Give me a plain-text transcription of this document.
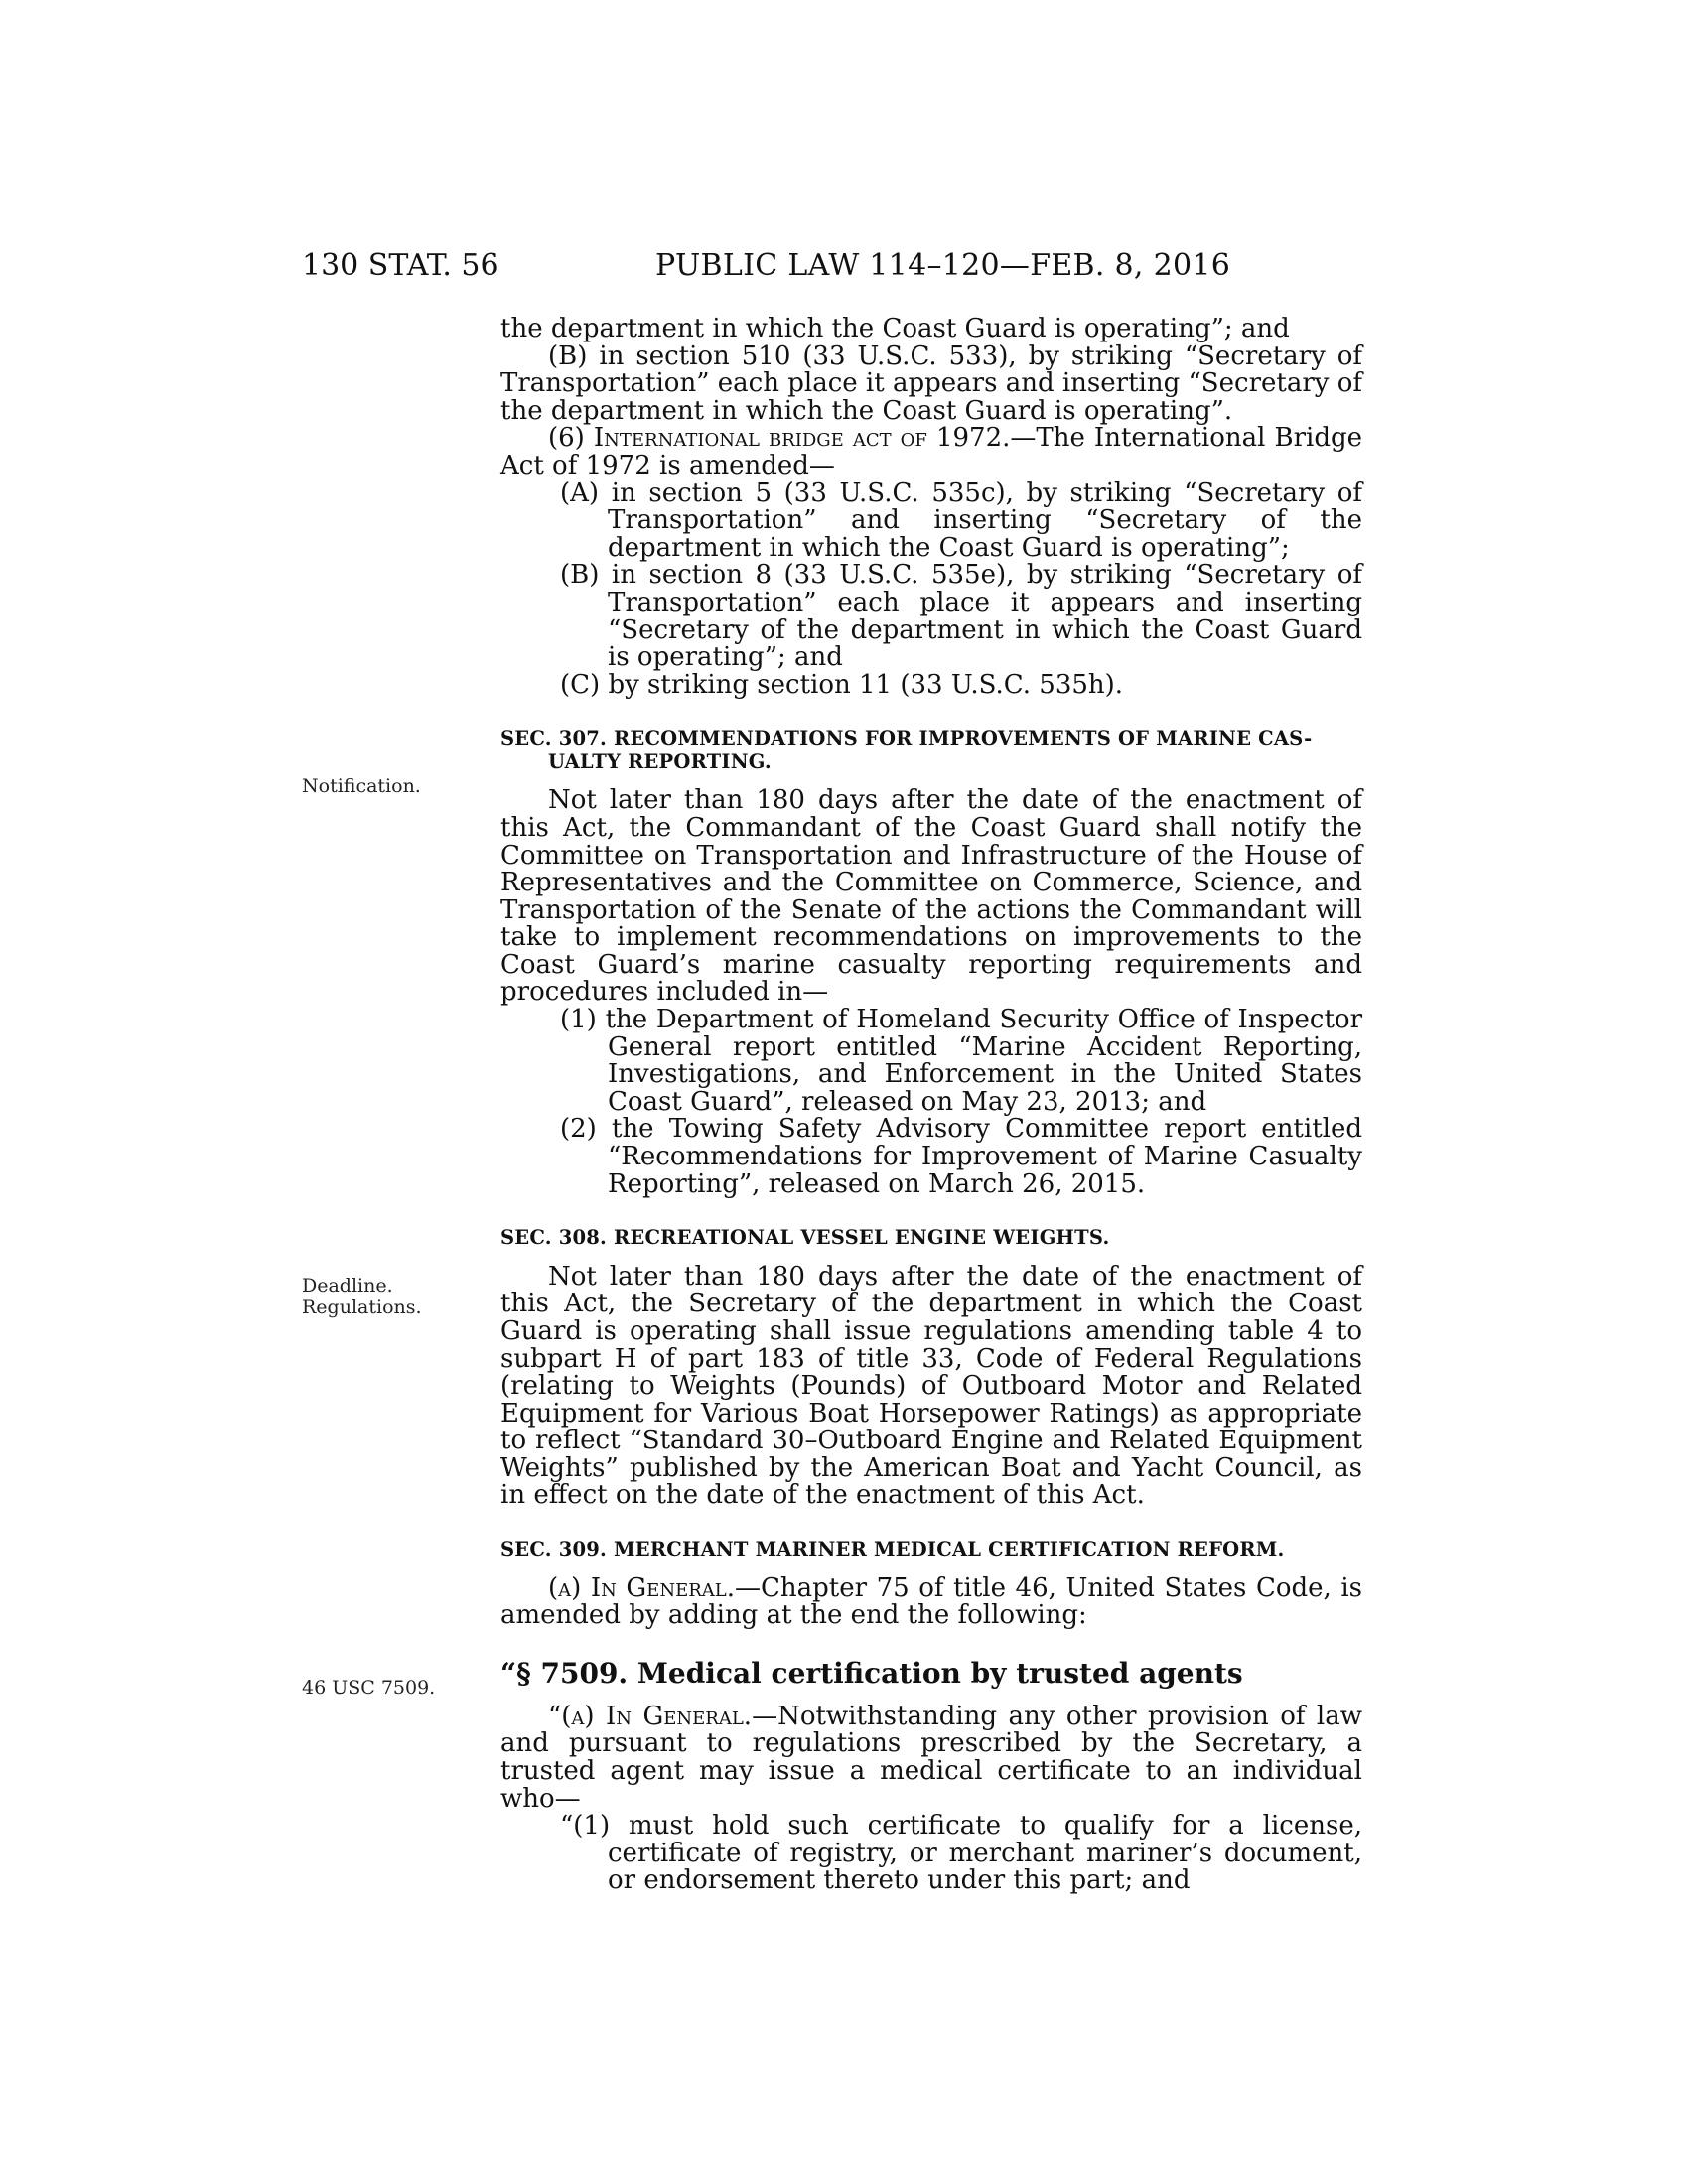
130 STAT. 56	PUBLIC LAW 114–120—FEB. 8, 2016
Notification.
Deadline.
Regulations.
46 USC 7509.

the department in which the Coast Guard is operating”; and

(B) in section 510 (33 U.S.C. 533), by striking “Secretary of Transportation” each place it appears and inserting “Secretary of the department in which the Coast Guard is operating”.

(6) International bridge act of 1972.—The International Bridge Act of 1972 is amended—

(A) in section 5 (33 U.S.C. 535c), by striking “Secretary of Transportation” and inserting “Secretary of the department in which the Coast Guard is operating”;

(B) in section 8 (33 U.S.C. 535e), by striking “Secretary of Transportation” each place it appears and inserting “Secretary of the department in which the Coast Guard is operating”; and

(C) by striking section 11 (33 U.S.C. 535h).

SEC. 307. RECOMMENDATIONS FOR IMPROVEMENTS OF MARINE CAS-
UALTY REPORTING.

Not later than 180 days after the date of the enactment of this Act, the Commandant of the Coast Guard shall notify the Committee on Transportation and Infrastructure of the House of Representatives and the Committee on Commerce, Science, and Transportation of the Senate of the actions the Commandant will take to implement recommendations on improvements to the Coast Guard’s marine casualty reporting requirements and procedures included in—

(1) the Department of Homeland Security Office of Inspector General report entitled “Marine Accident Reporting, Investigations, and Enforcement in the United States Coast Guard”, released on May 23, 2013; and

(2) the Towing Safety Advisory Committee report entitled “Recommendations for Improvement of Marine Casualty Reporting”, released on March 26, 2015.

SEC. 308. RECREATIONAL VESSEL ENGINE WEIGHTS.

Not later than 180 days after the date of the enactment of this Act, the Secretary of the department in which the Coast Guard is operating shall issue regulations amending table 4 to subpart H of part 183 of title 33, Code of Federal Regulations (relating to Weights (Pounds) of Outboard Motor and Related Equipment for Various Boat Horsepower Ratings) as appropriate to reflect “Standard 30–Outboard Engine and Related Equipment Weights” published by the American Boat and Yacht Council, as in effect on the date of the enactment of this Act.

SEC. 309. MERCHANT MARINER MEDICAL CERTIFICATION REFORM.

(a) In General.—Chapter 75 of title 46, United States Code, is amended by adding at the end the following:

“§ 7509. Medical certification by trusted agents

“(a) In General.—Notwithstanding any other provision of law and pursuant to regulations prescribed by the Secretary, a trusted agent may issue a medical certificate to an individual who—

“(1) must hold such certificate to qualify for a license, certificate of registry, or merchant mariner’s document, or endorsement thereto under this part; and
